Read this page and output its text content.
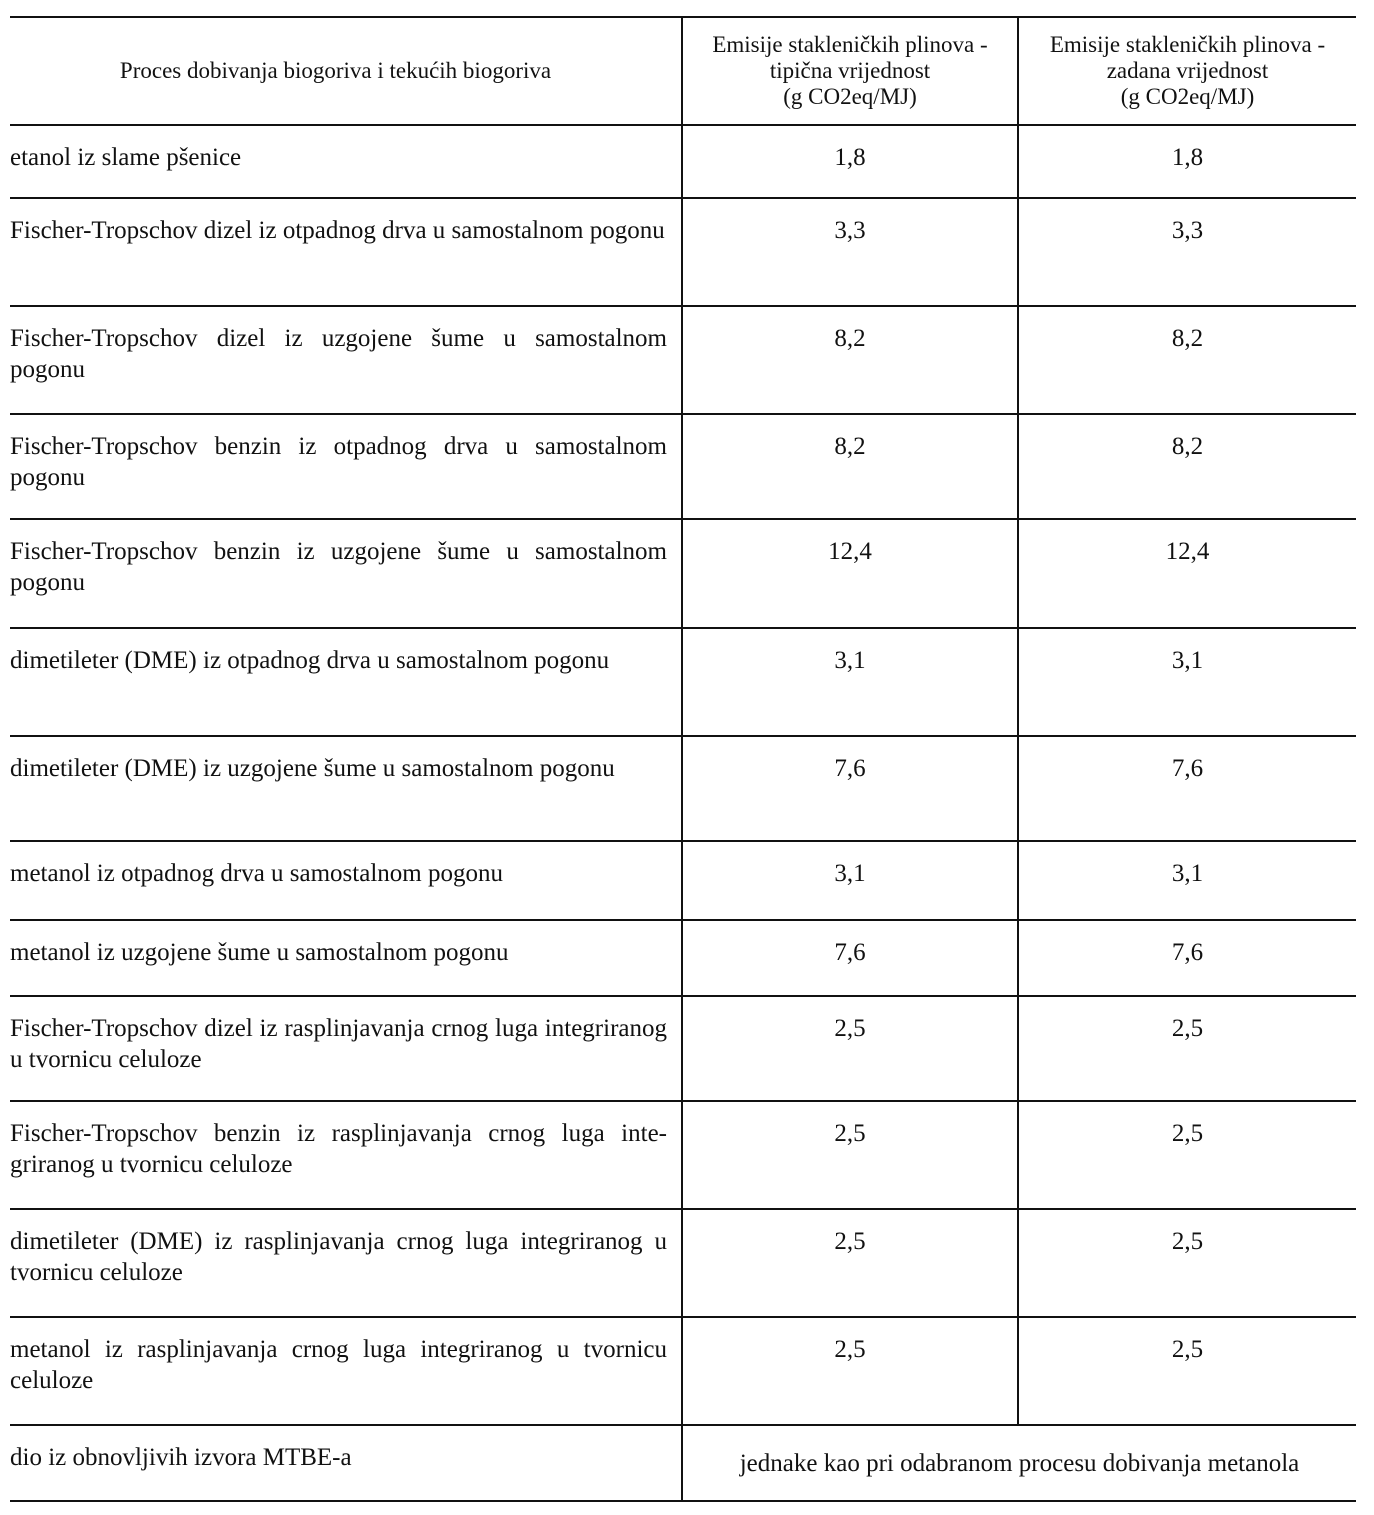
Proces dobivanja biogoriva i tekućih biogoriva	Emisije stakleničkih plinova -
tipična vrijednost
(g CO2eq/MJ)	Emisije stakleničkih plinova -
zadana vrijednost
(g CO2eq/MJ)

etanol iz slame pšenice	1,8	1,8

Fischer-Tropschov dizel iz otpadnog drva u samostalnom pogonu	3,3	3,3

Fischer-Tropschov dizel iz uzgojene šume u samostalnom pogonu	8,2	8,2

Fischer-Tropschov benzin iz otpadnog drva u samostalnom pogonu	8,2	8,2

Fischer-Tropschov benzin iz uzgojene šume u samostalnom pogonu	12,4	12,4

dimetileter (DME) iz otpadnog drva u samostalnom pogonu	3,1	3,1

dimetileter (DME) iz uzgojene šume u samostalnom pogonu	7,6	7,6

metanol iz otpadnog drva u samostalnom pogonu	3,1	3,1

metanol iz uzgojene šume u samostalnom pogonu	7,6	7,6

Fischer-Tropschov dizel iz rasplinjavanja crnog luga integriranog u tvornicu celuloze	2,5	2,5

Fischer-Tropschov benzin iz rasplinjavanja crnog luga integriranog u tvornicu celuloze	2,5	2,5

dimetileter (DME) iz rasplinjavanja crnog luga integriranog u tvornicu celuloze	2,5	2,5

metanol iz rasplinjavanja crnog luga integriranog u tvornicu celuloze	2,5	2,5

dio iz obnovljivih izvora MTBE-a	jednake kao pri odabranom procesu dobivanja metanola	
